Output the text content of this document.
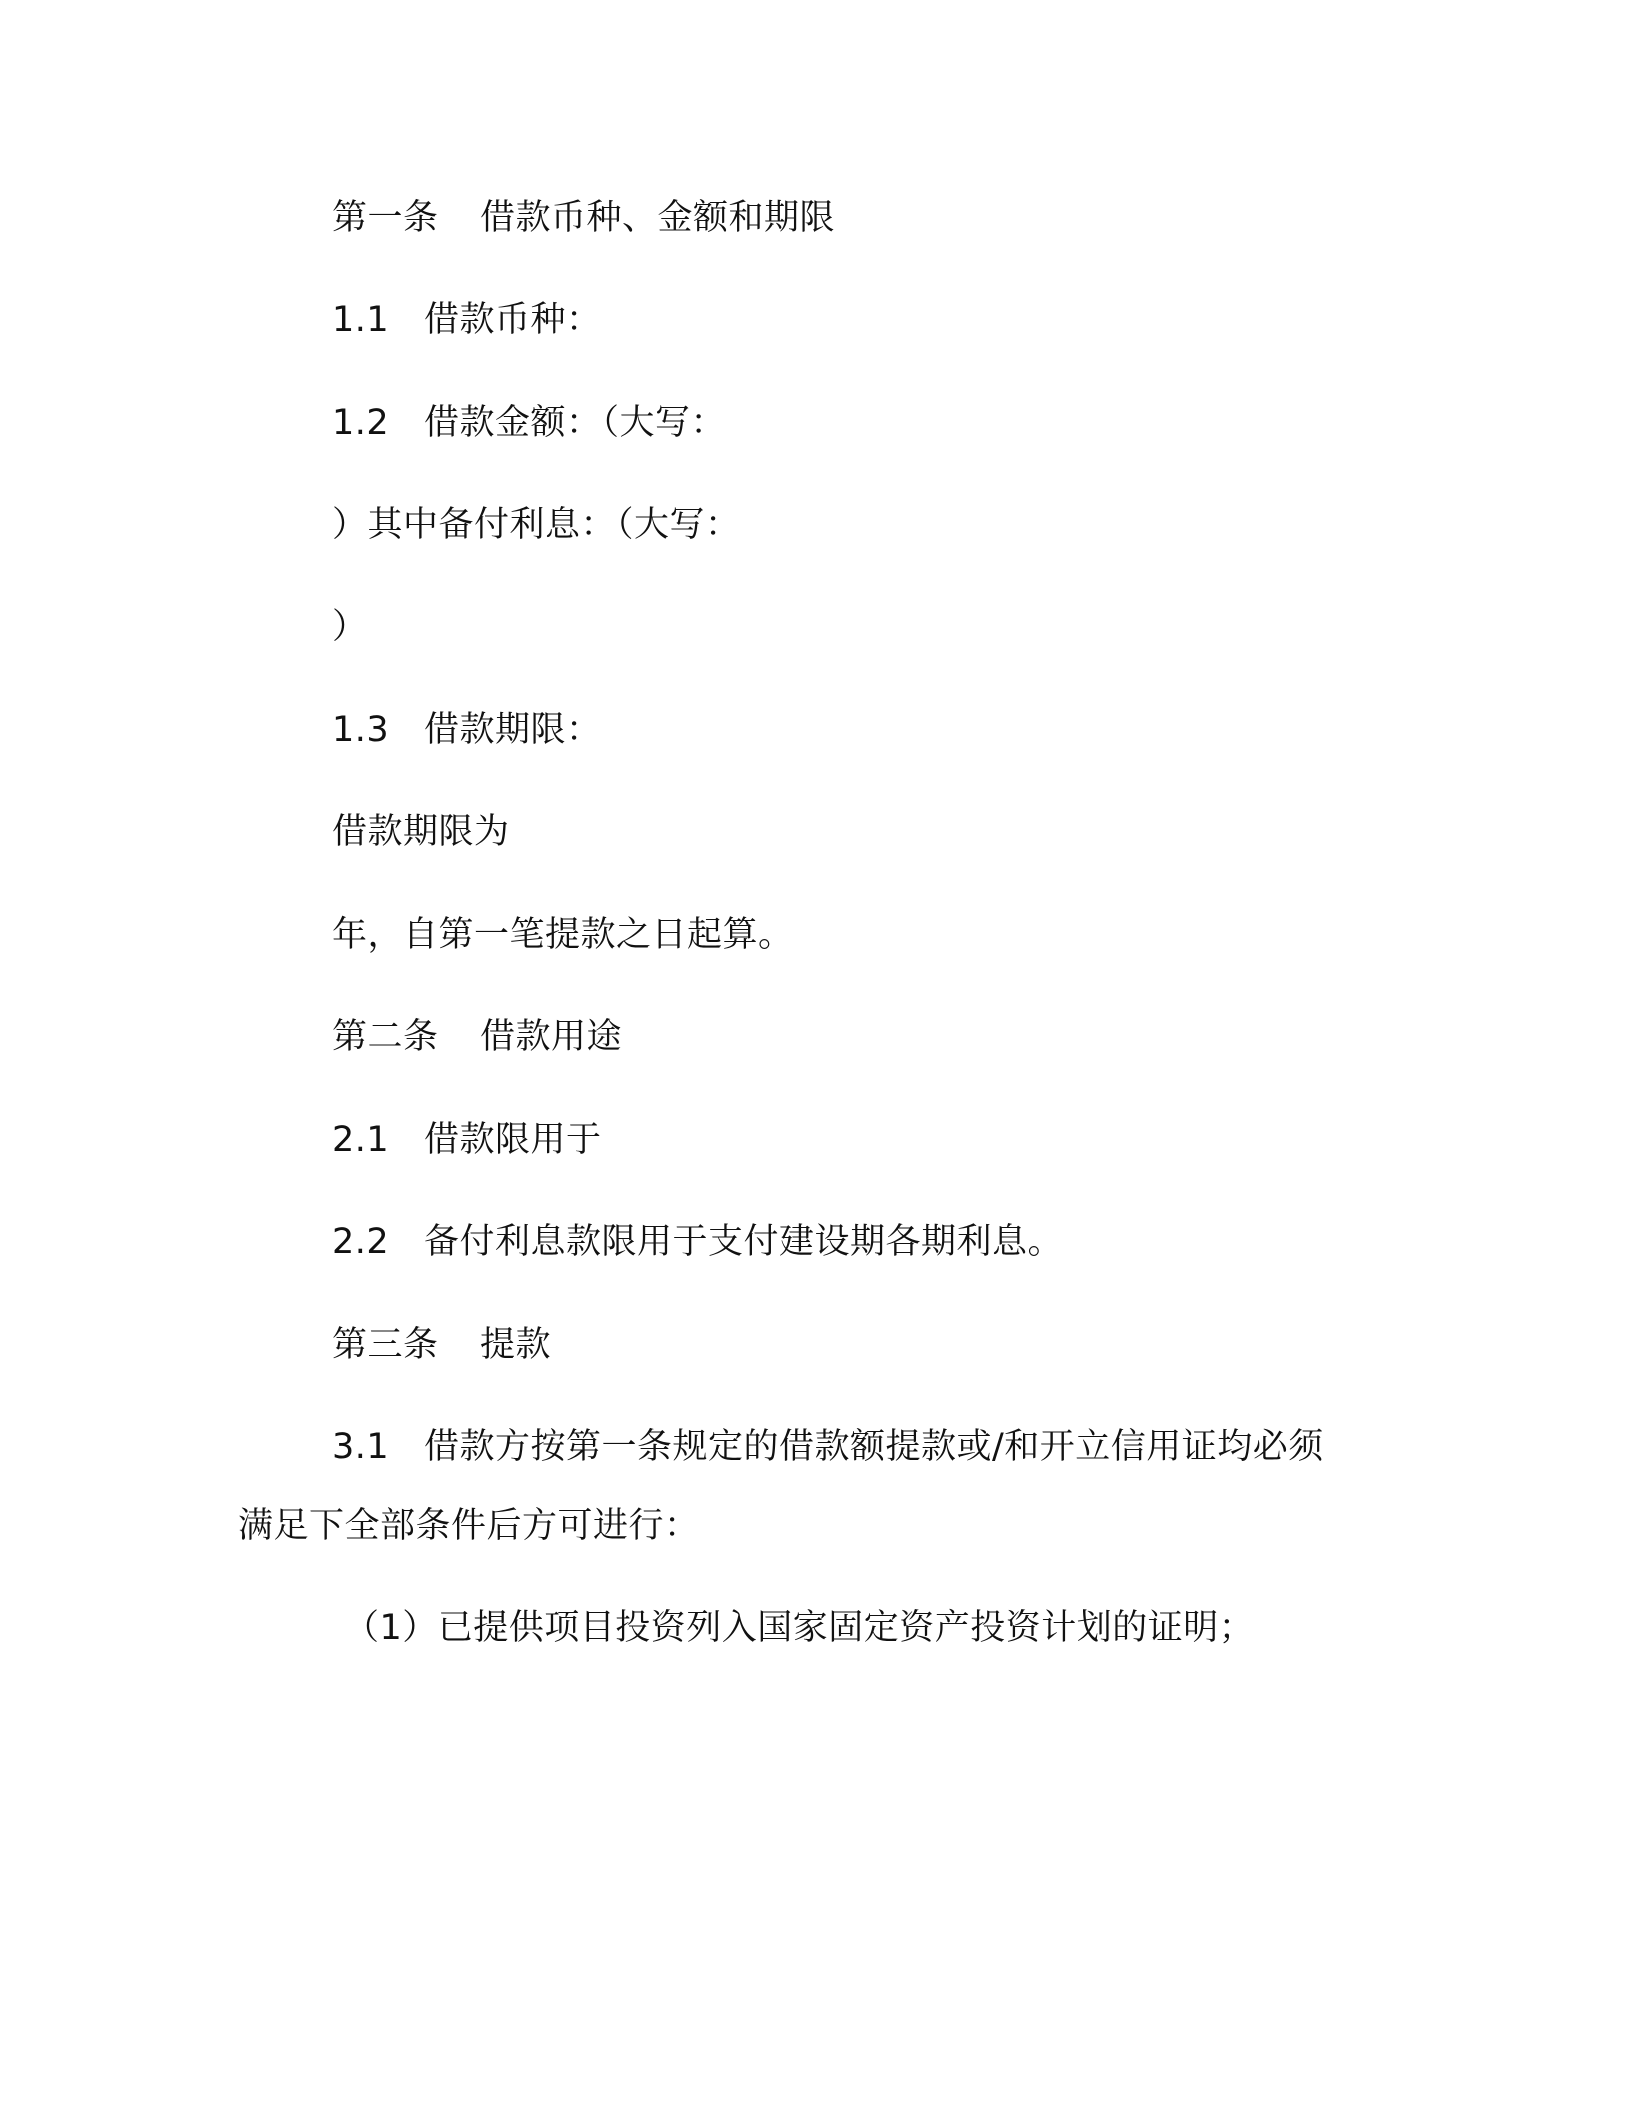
第一条 借款币种、金额和期限
1.1 借款币种：
1.2 借款金额：（大写：
）其中备付利息：（大写：
）
1.3 借款期限：
借款期限为
年，自第一笔提款之日起算。
第二条 借款用途
2.1 借款限用于
2.2 备付利息款限用于支付建设期各期利息。
第三条 提款
3.1 借款方按第一条规定的借款额提款或/和开立信用证均必须
满足下全部条件后方可进行：
（1）已提供项目投资列入国家固定资产投资计划的证明；
